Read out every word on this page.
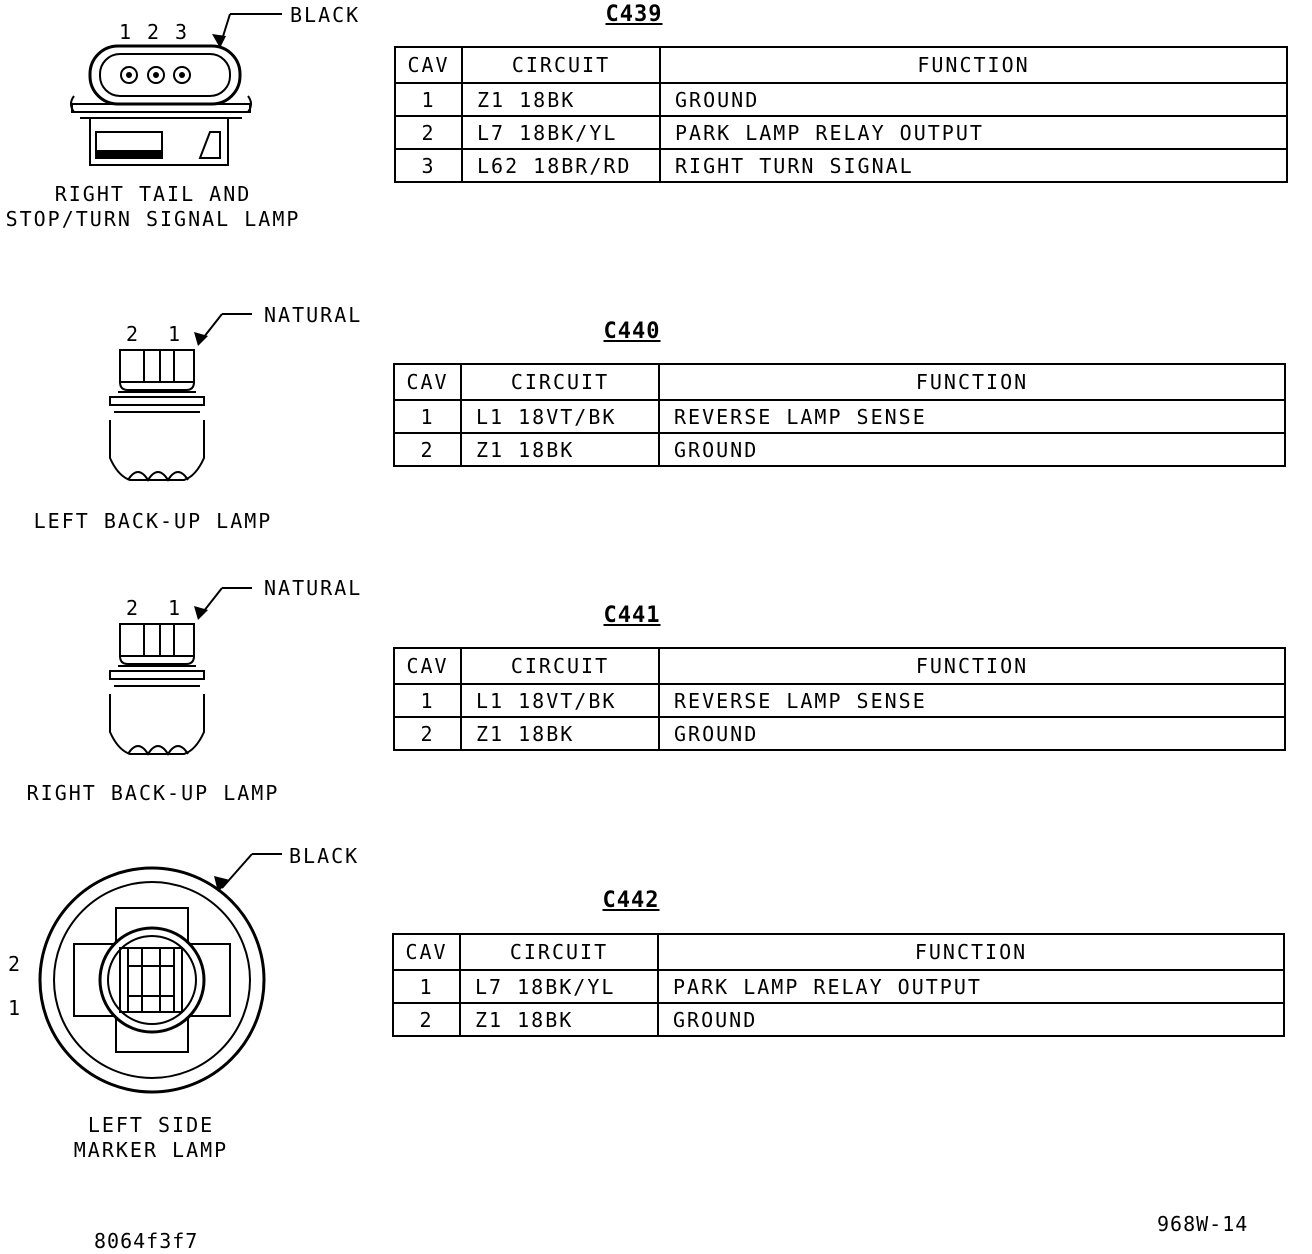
1 2 3
BLACK
RIGHT TAIL AND
STOP/TURN SIGNAL LAMP
C439
CAV	CIRCUIT	FUNCTION
1	Z1 18BK	GROUND
2	L7 18BK/YL	PARK LAMP RELAY OUTPUT
3	L62 18BR/RD	RIGHT TURN SIGNAL
2 1
NATURAL
LEFT BACK-UP LAMP
C440
CAV	CIRCUIT	FUNCTION
1	L1 18VT/BK	REVERSE LAMP SENSE
2	Z1 18BK	GROUND
2 1
NATURAL
RIGHT BACK-UP LAMP
C441
CAV	CIRCUIT	FUNCTION
1	L1 18VT/BK	REVERSE LAMP SENSE
2	Z1 18BK	GROUND
2
1
BLACK
LEFT SIDE
MARKER LAMP
C442
CAV	CIRCUIT	FUNCTION
1	L7 18BK/YL	PARK LAMP RELAY OUTPUT
2	Z1 18BK	GROUND
8064f3f7
968W-14
